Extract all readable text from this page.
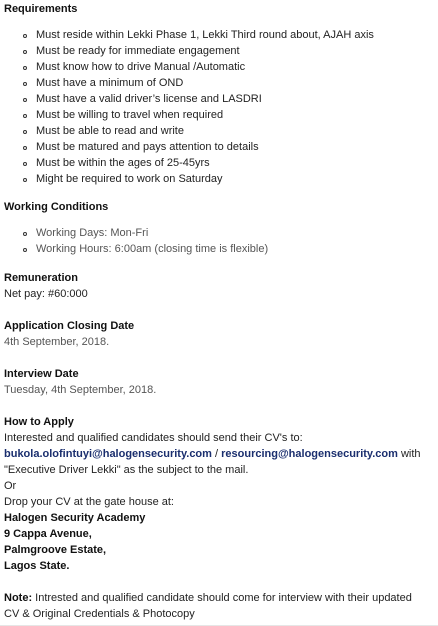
Requirements
Must reside within Lekki Phase 1, Lekki Third round about, AJAH axis
Must be ready for immediate engagement
Must know how to drive Manual /Automatic
Must have a minimum of OND
Must have a valid driver’s license and LASDRI
Must be willing to travel when required
Must be able to read and write
Must be matured and pays attention to details
Must be within the ages of 25-45yrs
Might be required to work on Saturday
Working Conditions
Working Days: Mon-Fri
Working Hours: 6:00am (closing time is flexible)
Remuneration
Net pay: #60:000
Application Closing Date
4th September, 2018.
Interview Date
Tuesday, 4th September, 2018.
How to Apply
Interested and qualified candidates should send their CV's to:
bukola.olofintuyi@halogensecurity.com / resourcing@halogensecurity.com with
"Executive Driver Lekki" as the subject to the mail.
Or
Drop your CV at the gate house at:
Halogen Security Academy
9 Cappa Avenue,
Palmgroove Estate,
Lagos State.
Note: Intrested and qualified candidate should come for interview with their updated
CV & Original Credentials & Photocopy
